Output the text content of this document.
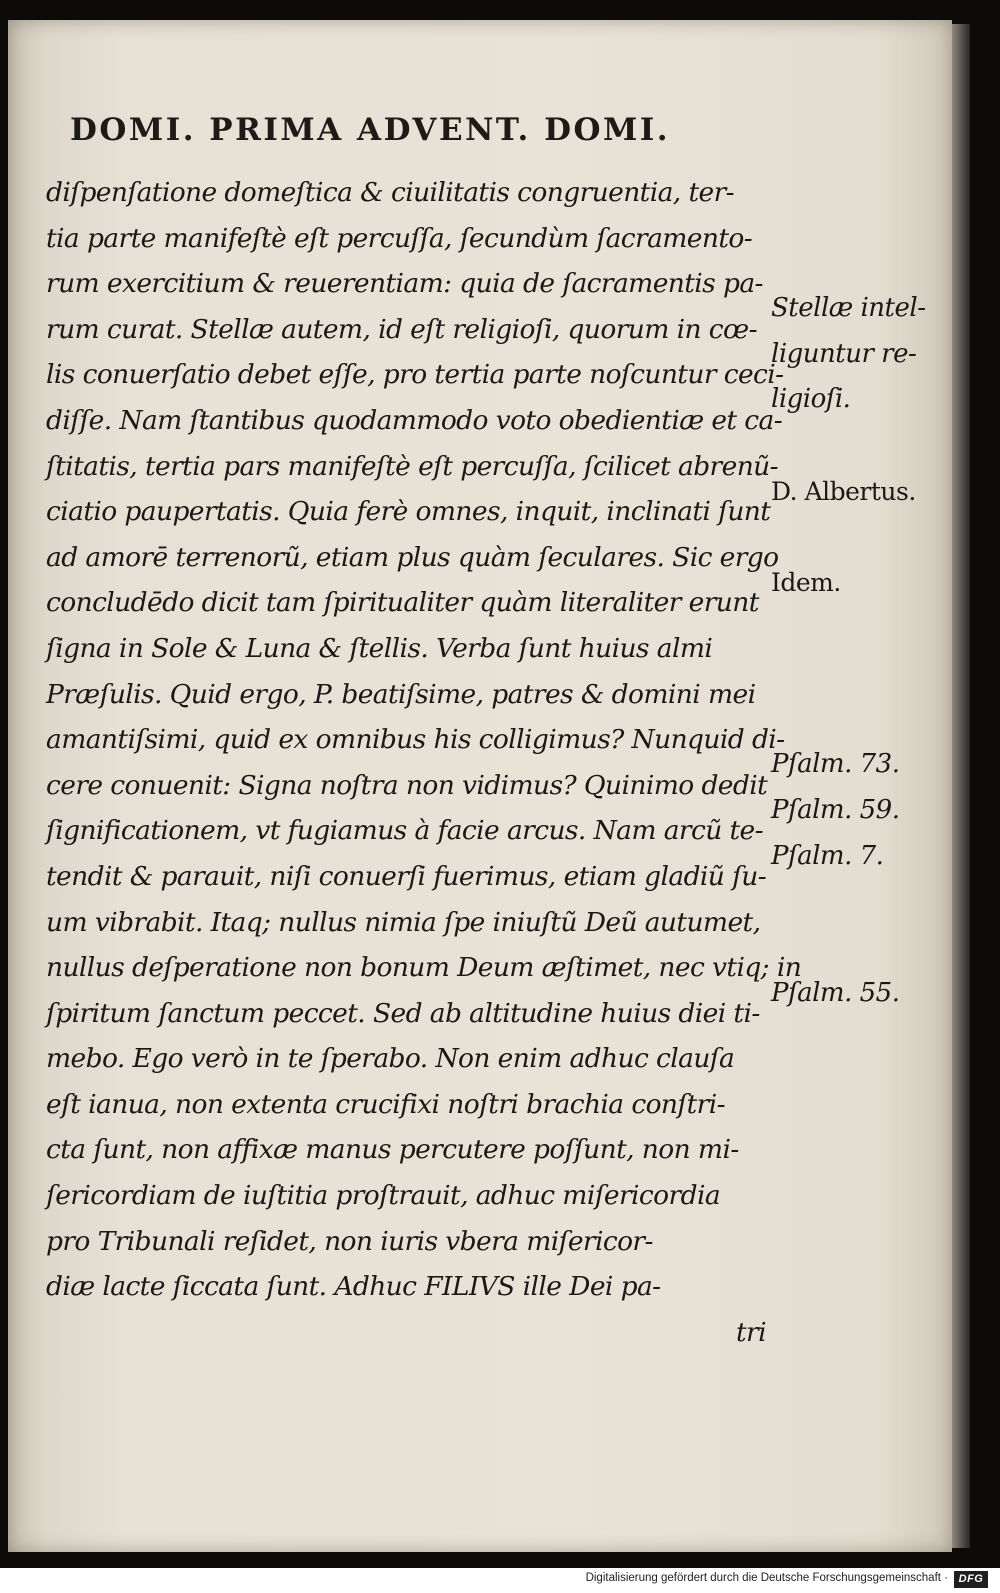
DOMI. PRIMA ADVENT. DOMI.
diſpenſatione domeſtica & ciuilitatis congruentia, ter-
tia parte manifeſtè eſt percuſſa, ſecundùm ſacramento-
rum exercitium & reuerentiam: quia de ſacramentis pa-
rum curat. Stellæ autem, id eſt religioſi, quorum in cœ-
lis conuerſatio debet eſſe, pro tertia parte noſcuntur ceci-
diſſe. Nam ſtantibus quodammodo voto obedientiæ et ca-
ſtitatis, tertia pars manifeſtè eſt percuſſa, ſcilicet abrenũ-
ciatio paupertatis. Quia ferè omnes, inquit, inclinati ſunt
ad amorē terrenorũ, etiam plus quàm ſeculares. Sic ergo
concludēdo dicit tam ſpiritualiter quàm literaliter erunt
ſigna in Sole & Luna & ſtellis. Verba ſunt huius almi
Præſulis. Quid ergo, P. beatiſsime, patres & domini mei
amantiſsimi, quid ex omnibus his colligimus? Nunquid di-
cere conuenit: Signa noſtra non vidimus? Quinimo dedit
ſignificationem, vt fugiamus à facie arcus. Nam arcũ te-
tendit & parauit, niſi conuerſi fuerimus, etiam gladiũ ſu-
um vibrabit. Itaq; nullus nimia ſpe iniuſtũ Deũ autumet,
nullus deſperatione non bonum Deum æſtimet, nec vtiq; in
ſpiritum ſanctum peccet. Sed ab altitudine huius diei ti-
mebo. Ego verò in te ſperabo. Non enim adhuc clauſa
eſt ianua, non extenta crucifixi noſtri brachia conſtri-
cta ſunt, non affixæ manus percutere poſſunt, non mi-
ſericordiam de iuſtitia proſtrauit, adhuc miſericordia
pro Tribunali reſidet, non iuris vbera miſericor-
diæ lacte ſiccata ſunt. Adhuc FILIVS ille Dei pa-
tri
Stellæ intel-
liguntur re-
ligioſi.
D. Albertus.
Idem.
Pſalm. 73.
Pſalm. 59.
Pſalm. 7.
Pſalm. 55.
Digitalisierung gefördert durch die Deutsche Forschungsgemeinschaft · DFG
